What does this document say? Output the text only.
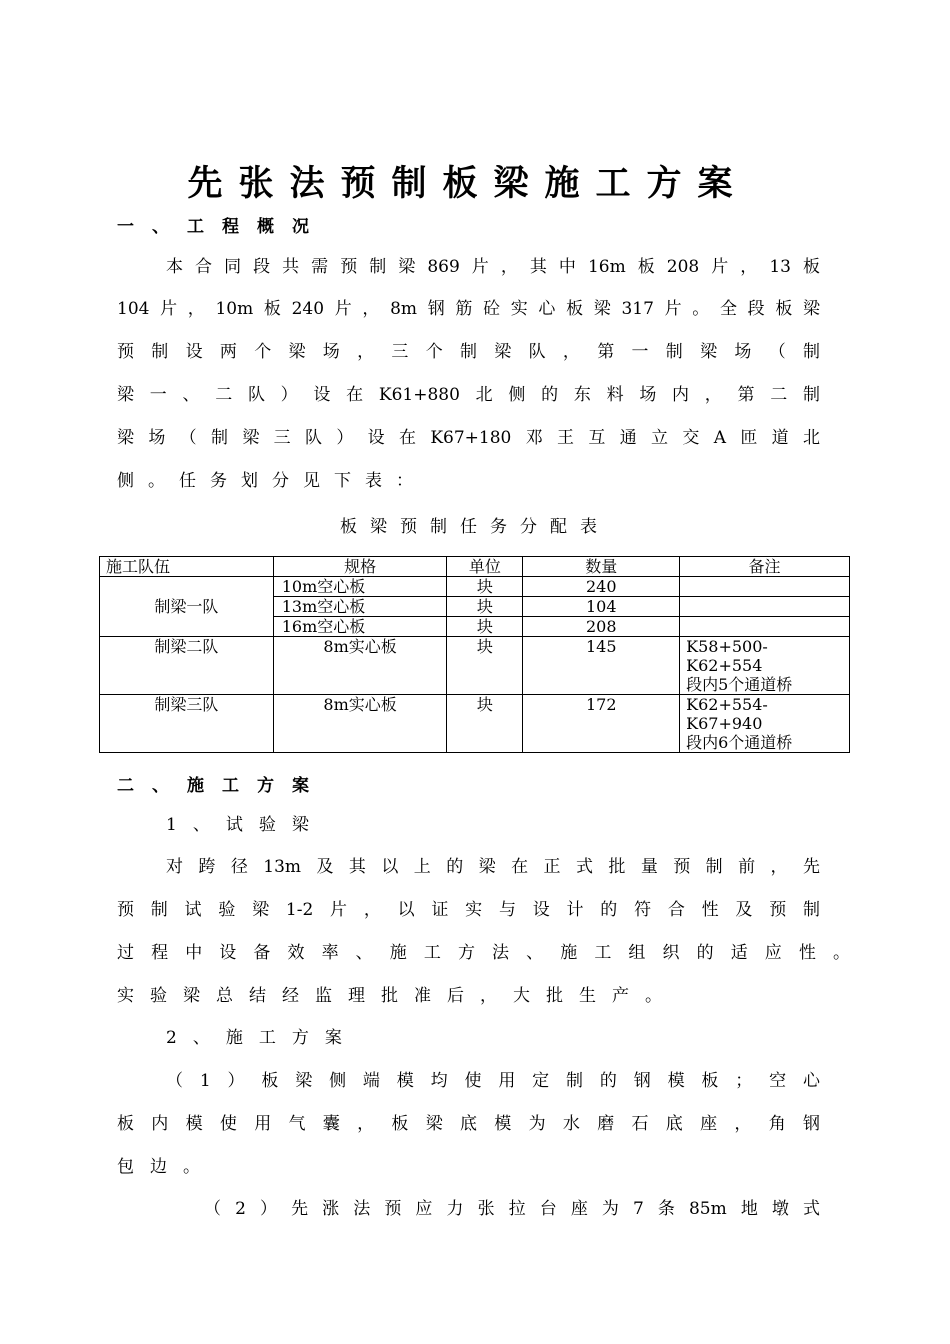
先张法预制板梁施工方案
一、工程概况
本合同段共需预制梁869片，其中16m板208片，13板
104片，10m板240片，8m钢筋砼实心板梁317片。全段板梁
预制设两个梁场，三个制梁队，第一制梁场（制
梁一、二队）设在K61+880北侧的东料场内，第二制
梁场（制梁三队）设在K67+180邓王互通立交A匝道北
侧。任务划分见下表：
板梁预制任务分配表
施工队伍	规格	单位	数量	备注
制梁一队	10m空心板	块	240	
	13m空心板	块	104	
	16m空心板	块	208	
制梁二队	8m实心板	块	145	K58+500-K62+554
段内5个通道桥
制梁三队	8m实心板	块	172	K62+554-K67+940
段内6个通道桥
二、施工方案
1、试验梁
对跨径13m及其以上的梁在正式批量预制前，先
预制试验梁1-2片，以证实与设计的符合性及预制
过程中设备效率、施工方法、施工组织的适应性。
实验梁总结经监理批准后，大批生产。
2、施工方案
（1）板梁侧端模均使用定制的钢模板；空心
板内模使用气囊，板梁底模为水磨石底座，角钢
包边。
（2）先涨法预应力张拉台座为7条85m地墩式
